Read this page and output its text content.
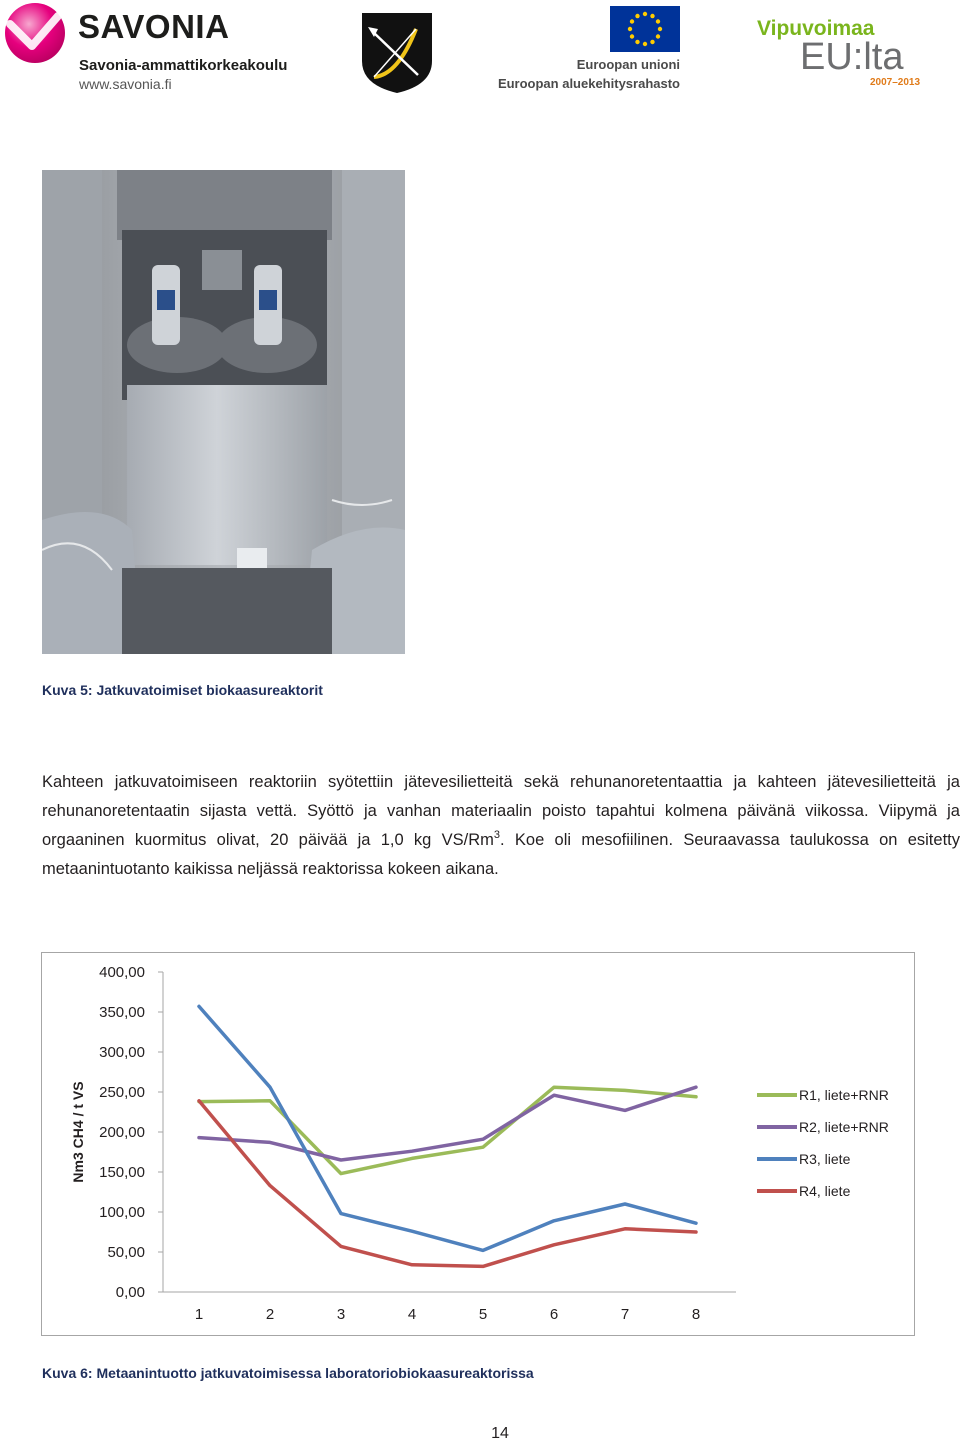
SAVONIA
Savonia-ammattikorkeakoulu
www.savonia.fi
Euroopan unioni
Euroopan aluekehitysrahasto
Vipuvoimaa
EU:lta
2007–2013
Kuva 5: Jatkuvatoimiset biokaasureaktorit
Kahteen jatkuvatoimiseen reaktoriin syötettiin jätevesilietteitä sekä rehunanoretentaattia ja kahteen jätevesilietteitä ja rehunanoretentaatin sijasta vettä. Syöttö ja vanhan materiaalin poisto tapahtui kolmena päivänä viikossa. Viipymä ja orgaaninen kuormitus olivat, 20 päivää ja 1,0 kg VS/Rm$^3$. Koe oli mesofiilinen. Seuraavassa taulukossa on esitetty metaanintuotanto kaikissa neljässä reaktorissa kokeen aikana.
400,00
350,00
300,00
250,00
200,00
150,00
100,00
50,00
0,00
1	2	3	4	5	6	7	8
Nm3 CH4 / t VS	R1, liete+RNR
R2, liete+RNR
R3, liete
R4, liete
Kuva 6: Metaanintuotto jatkuvatoimisessa laboratoriobiokaasureaktorissa
14
